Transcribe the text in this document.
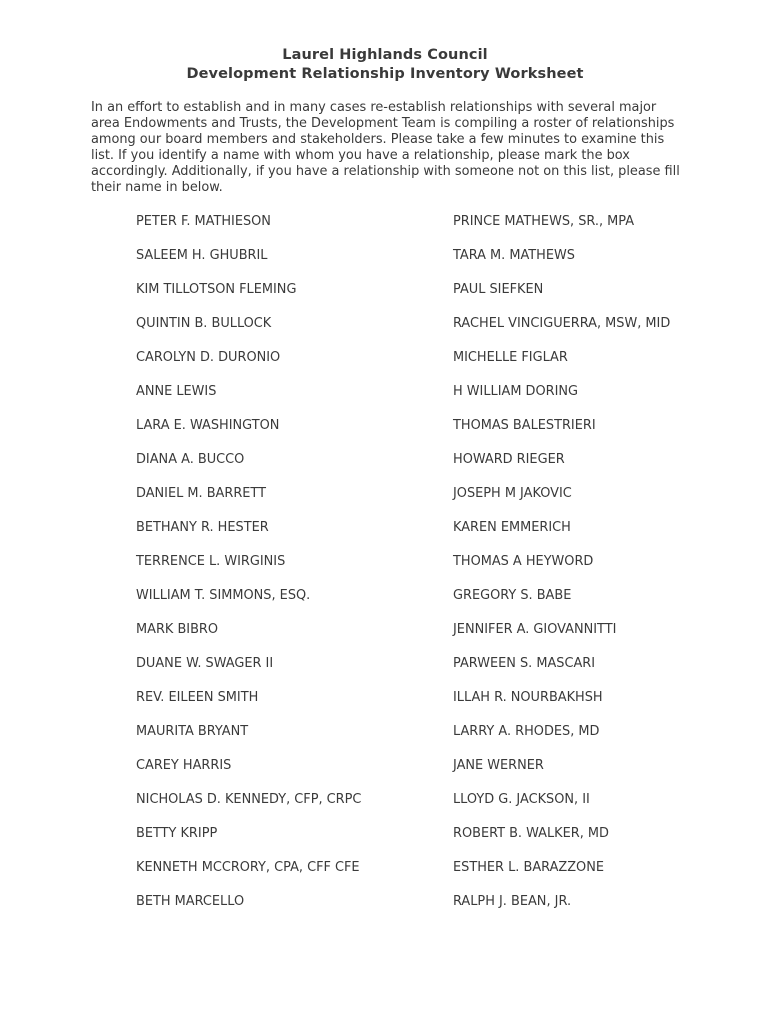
Laurel Highlands Council
Development Relationship Inventory Worksheet

In an effort to establish and in many cases re-establish relationships with several major area Endowments and Trusts, the Development Team is compiling a roster of relationships among our board members and stakeholders. Please take a few minutes to examine this list. If you identify a name with whom you have a relationship, please mark the box accordingly. Additionally, if you have a relationship with someone not on this list, please fill their name in below.

PETER F. MATHIESON	PRINCE MATHEWS, SR., MPA
SALEEM H. GHUBRIL	TARA M. MATHEWS
KIM TILLOTSON FLEMING	PAUL SIEFKEN
QUINTIN B. BULLOCK	RACHEL VINCIGUERRA, MSW, MID
CAROLYN D. DURONIO	MICHELLE FIGLAR
ANNE LEWIS	H WILLIAM DORING
LARA E. WASHINGTON	THOMAS BALESTRIERI
DIANA A. BUCCO	HOWARD RIEGER
DANIEL M. BARRETT	JOSEPH M JAKOVIC
BETHANY R. HESTER	KAREN EMMERICH
TERRENCE L. WIRGINIS	THOMAS A HEYWORD
WILLIAM T. SIMMONS, ESQ.	GREGORY S. BABE
MARK BIBRO	JENNIFER A. GIOVANNITTI
DUANE W. SWAGER II	PARWEEN S. MASCARI
REV. EILEEN SMITH	ILLAH R. NOURBAKHSH
MAURITA BRYANT	LARRY A. RHODES, MD
CAREY HARRIS	JANE WERNER
NICHOLAS D. KENNEDY, CFP, CRPC	LLOYD G. JACKSON, II
BETTY KRIPP	ROBERT B. WALKER, MD
KENNETH MCCRORY, CPA, CFF CFE	ESTHER L. BARAZZONE
BETH MARCELLO	RALPH J. BEAN, JR.
